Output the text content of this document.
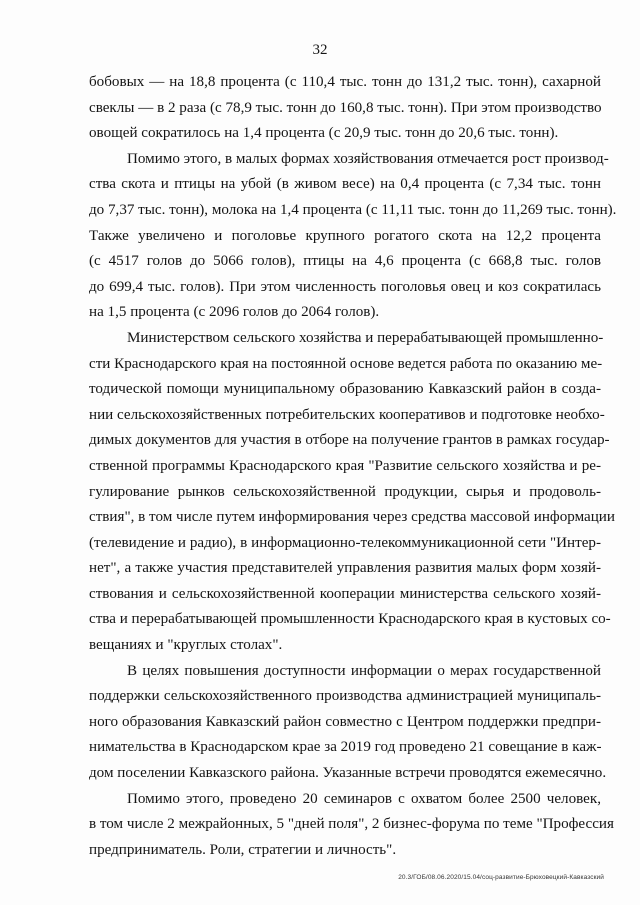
32
бобовых — на 18,8 процента (с 110,4 тыс. тонн до 131,2 тыс. тонн), сахарной
свеклы — в 2 раза (с 78,9 тыс. тонн до 160,8 тыс. тонн). При этом производство
овощей сократилось на 1,4 процента (с 20,9 тыс. тонн до 20,6 тыс. тонн).
Помимо этого, в малых формах хозяйствования отмечается рост производ-
ства скота и птицы на убой (в живом весе) на 0,4 процента (с 7,34 тыс. тонн
до 7,37 тыс. тонн), молока на 1,4 процента (с 11,11 тыс. тонн до 11,269 тыс. тонн).
Также увеличено и поголовье крупного рогатого скота на 12,2 процента
(с 4517 голов до 5066 голов), птицы на 4,6 процента (с 668,8 тыс. голов
до 699,4 тыс. голов). При этом численность поголовья овец и коз сократилась
на 1,5 процента (с 2096 голов до 2064 голов).
Министерством сельского хозяйства и перерабатывающей промышленно-
сти Краснодарского края на постоянной основе ведется работа по оказанию ме-
тодической помощи муниципальному образованию Кавказский район в созда-
нии сельскохозяйственных потребительских кооперативов и подготовке необхо-
димых документов для участия в отборе на получение грантов в рамках государ-
ственной программы Краснодарского края "Развитие сельского хозяйства и ре-
гулирование рынков сельскохозяйственной продукции, сырья и продоволь-
ствия", в том числе путем информирования через средства массовой информации
(телевидение и радио), в информационно-телекоммуникационной сети "Интер-
нет", а также участия представителей управления развития малых форм хозяй-
ствования и сельскохозяйственной кооперации министерства сельского хозяй-
ства и перерабатывающей промышленности Краснодарского края в кустовых со-
вещаниях и "круглых столах".
В целях повышения доступности информации о мерах государственной
поддержки сельскохозяйственного производства администрацией муниципаль-
ного образования Кавказский район совместно с Центром поддержки предпри-
нимательства в Краснодарском крае за 2019 год проведено 21 совещание в каж-
дом поселении Кавказского района. Указанные встречи проводятся ежемесячно.
Помимо этого, проведено 20 семинаров с охватом более 2500 человек,
в том числе 2 межрайонных, 5 "дней поля", 2 бизнес-форума по теме "Профессия
предприниматель. Роли, стратегии и личность".
20.3/ГОБ/08.06.2020/15.04/соц-развитие-Брюховецкий-Кавказский
